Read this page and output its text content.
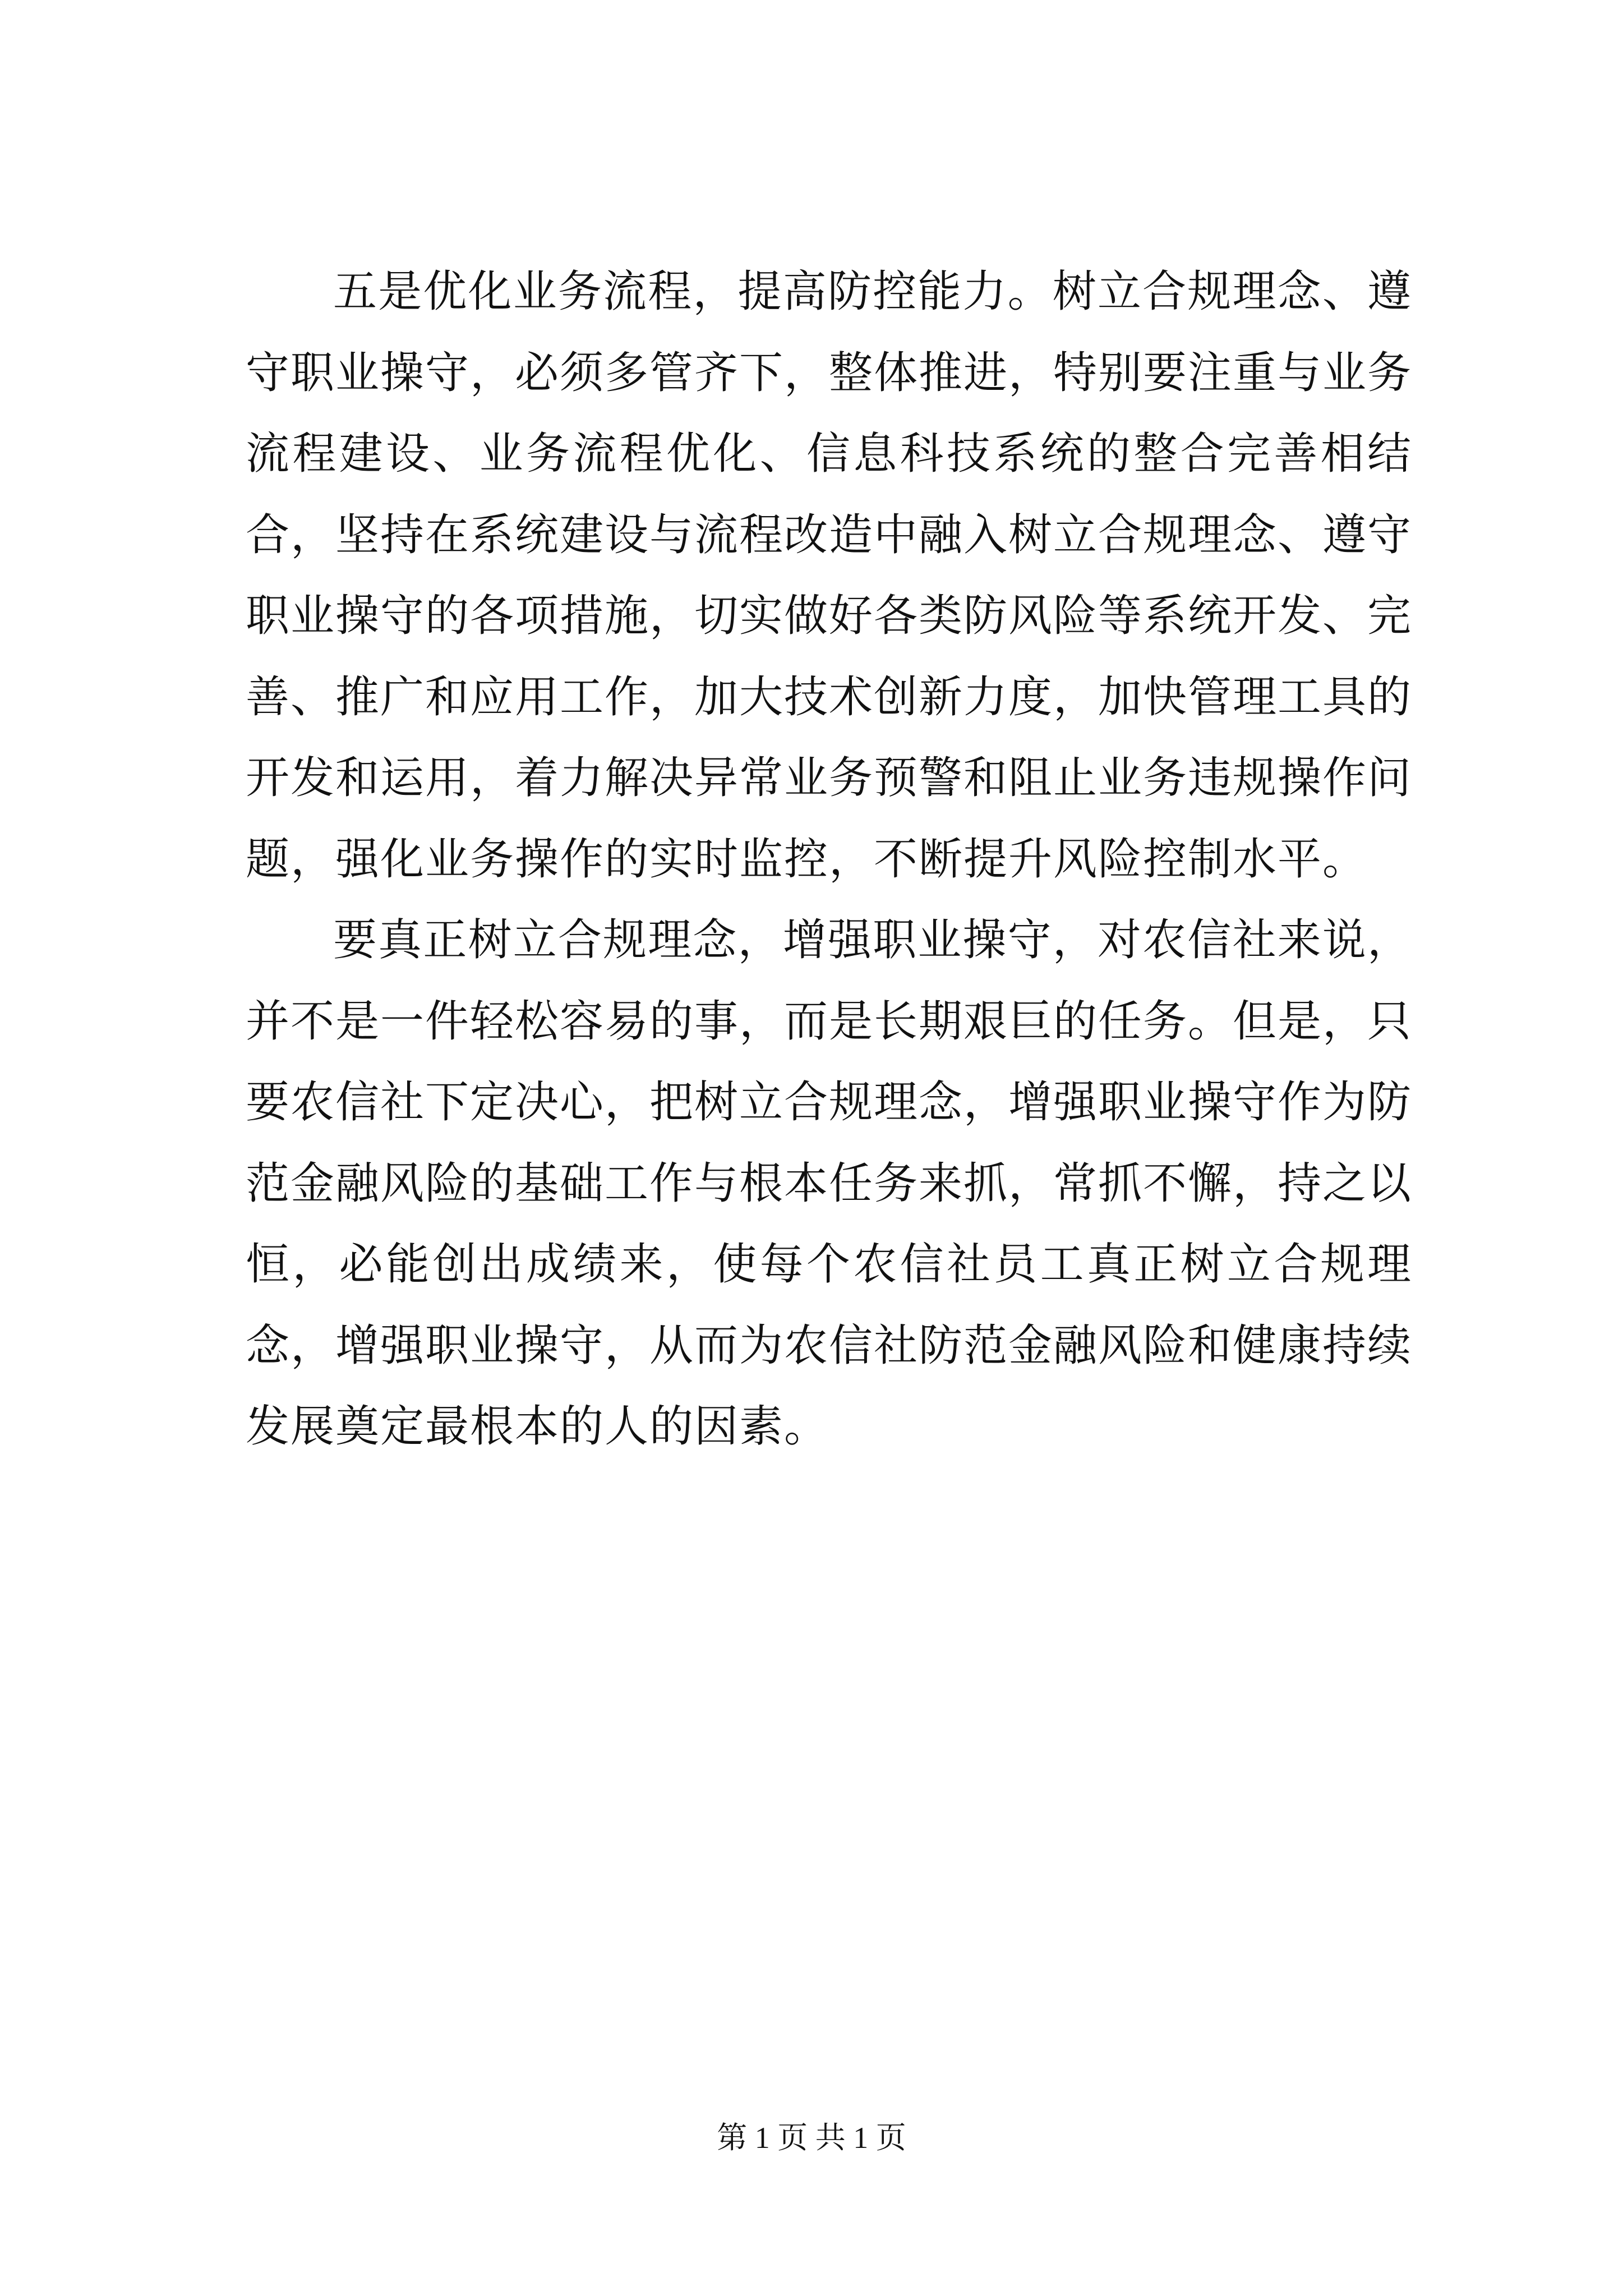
五是优化业务流程，提高防控能力。树立合规理念、遵守职业操守，必须多管齐下，整体推进，特别要注重与业务流程建设、业务流程优化、信息科技系统的整合完善相结合，坚持在系统建设与流程改造中融入树立合规理念、遵守职业操守的各项措施，切实做好各类防风险等系统开发、完善、推广和应用工作，加大技术创新力度，加快管理工具的开发和运用，着力解决异常业务预警和阻止业务违规操作问题，强化业务操作的实时监控，不断提升风险控制水平。

要真正树立合规理念，增强职业操守，对农信社来说，并不是一件轻松容易的事，而是长期艰巨的任务。但是，只要农信社下定决心，把树立合规理念，增强职业操守作为防范金融风险的基础工作与根本任务来抓，常抓不懈，持之以恒，必能创出成绩来，使每个农信社员工真正树立合规理念，增强职业操守，从而为农信社防范金融风险和健康持续发展奠定最根本的人的因素。

第 1 页 共 1 页
